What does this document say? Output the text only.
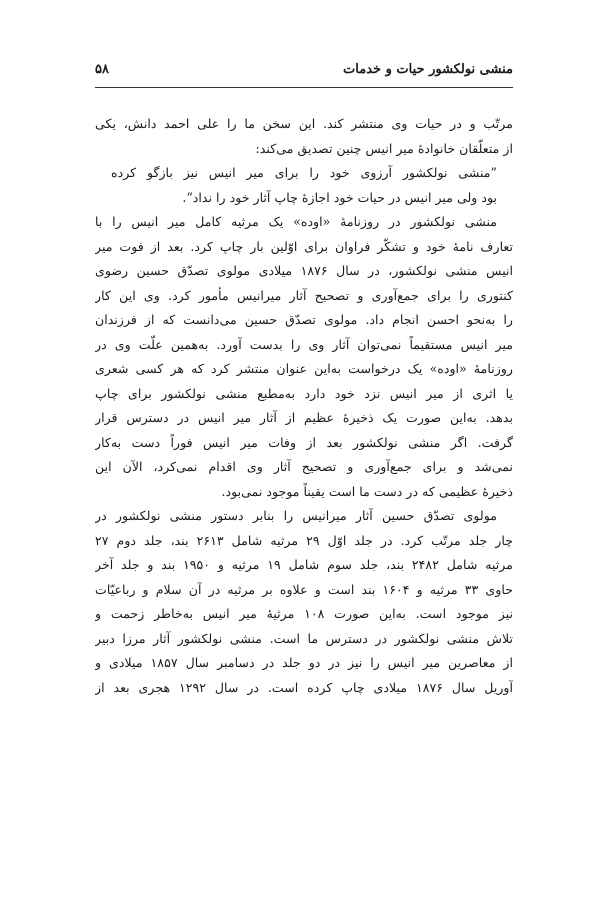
منشی نولکشور حیات و خدمات
۵۸
مرتّب و در حیات وی منتشر کند. این سخن ما را علی احمد دانش، یکی
از متعلّقان خانوادهٔ میر انیس چنین تصدیق می‌کند:
”منشی نولکشور آرزوی خود را برای میر انیس نیز بازگو کرده
بود ولی میر انیس در حیات خود اجازهٔ چاپ آثار خود را نداد“.
منشی نولکشور در روزنامهٔ «اوده» یک مرثیه کامل میر انیس را با
تعارف نامهٔ خود و تشکّر فراوان برای اوّلین بار چاپ کرد. بعد از فوت میر
انیس منشی نولکشور، در سال ۱۸۷۶ میلادی مولوی تصدّق حسین رضوی
کنتوری را برای جمع‌آوری و تصحیح آثار میرانیس مأمور کرد. وی این کار
را به‌نحو احسن انجام داد. مولوی تصدّق حسین می‌دانست که از فرزندان
میر انیس مستقیماً نمی‌توان آثار وی را بدست آورد. به‌همین علّت وی در
روزنامهٔ «اوده» یک درخواست به‌این عنوان منتشر کرد که هر کسی شعری
یا اثری از میر انیس نزد خود دارد به‌مطبع منشی نولکشور برای چاپ
بدهد. به‌این صورت یک ذخیرهٔ عظیم از آثار میر انیس در دسترس قرار
گرفت. اگر منشی نولکشور بعد از وفات میر انیس فوراً دست به‌کار
نمی‌شد و برای جمع‌آوری و تصحیح آثار وی اقدام نمی‌کرد، الآن این
ذخیرهٔ عظیمی که در دست ما است یقیناً موجود نمی‌بود.
مولوی تصدّق حسین آثار میرانیس را بنابر دستور منشی نولکشور در
چار جلد مرتّب کرد. در جلد اوّل ۲۹ مرثیه شامل ۲۶۱۳ بند، جلد دوم ۲۷
مرثیه شامل ۲۴۸۲ بند، جلد سوم شامل ۱۹ مرثیه و ۱۹۵۰ بند و جلد آخر
حاوی ۳۳ مرثیه و ۱۶۰۴ بند است و علاوه بر مرثیه در آن سلام و رباعیّات
نیز موجود است. به‌این صورت ۱۰۸ مرثیهٔ میر انیس به‌خاطر زحمت و
تلاش منشی نولکشور در دسترس ما است. منشی نولکشور آثار مرزا دبیر
از معاصرین میر انیس را نیز در دو جلد در دسامبر سال ۱۸۵۷ میلادی و
آوریل سال ۱۸۷۶ میلادی چاپ کرده است. در سال ۱۲۹۲ هجری بعد از
